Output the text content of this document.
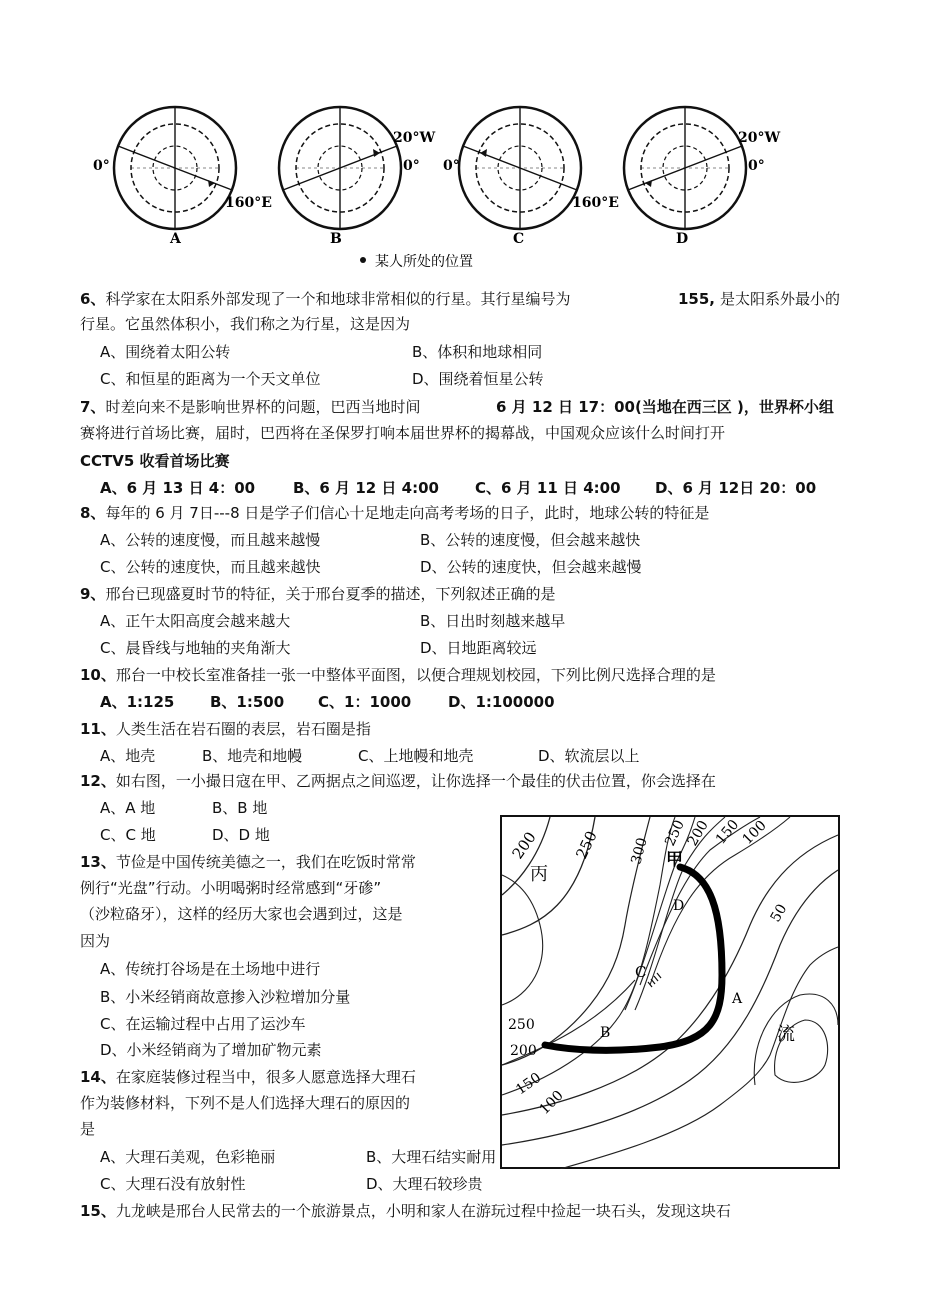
0°
160°E
A
20°W
0°
B
0°
160°E
C
20°W
0°
D
某人所处的位置
6、科学家在太阳系外部发现了一个和地球非常相似的行星。其行星编号为	155, 是太阳系外最小的
行星。它虽然体积小，我们称之为行星，这是因为
A、围绕着太阳公转	B、体积和地球相同
C、和恒星的距离为一个天文单位	D、围绕着恒星公转
7、时差向来不是影响世界杯的问题，巴西当地时间	6 月 12 日 17：00(当地在西三区 )，世界杯小组
赛将进行首场比赛，届时，巴西将在圣保罗打响本届世界杯的揭幕战，中国观众应该什么时间打开
CCTV5 收看首场比赛
A、6 月 13 日 4：00	B、6 月 12 日 4:00 C、6 月 11 日 4:00 D、6 月 12日 20：00
8、每年的 6 月 7日---8 日是学子们信心十足地走向高考考场的日子，此时，地球公转的特征是
A、公转的速度慢，而且越来越慢	B、公转的速度慢，但会越来越快
C、公转的速度快，而且越来越快	D、公转的速度快，但会越来越慢
9、邢台已现盛夏时节的特征，关于邢台夏季的描述，下列叙述正确的是
A、正午太阳高度会越来越大	B、日出时刻越来越早
C、晨昏线与地轴的夹角渐大	D、日地距离较远
10、邢台一中校长室准备挂一张一中整体平面图，以便合理规划校园，下列比例尺选择合理的是
A、1:125 B、1:500 C、1：1000 D、1:100000
11、人类生活在岩石圈的表层，岩石圈是指
A、地壳	B、地壳和地幔	C、上地幔和地壳	D、软流层以上
12、如右图，一小撮日寇在甲、乙两据点之间巡逻，让你选择一个最佳的伏击位置，你会选择在
A、A 地	B、B 地
C、C 地	D、D 地
13、节俭是中国传统美德之一，我们在吃饭时常常
例行“光盘”行动。小明喝粥时经常感到“牙碜”
（沙粒硌牙），这样的经历大家也会遇到过，这是
因为
A、传统打谷场是在土场地中进行
B、小米经销商故意掺入沙粒增加分量
C、在运输过程中占用了运沙车
D、小米经销商为了增加矿物元素
14、在家庭装修过程当中，很多人愿意选择大理石
作为装修材料，下列不是人们选择大理石的原因的
是
A、大理石美观，色彩艳丽	B、大理石结实耐用
C、大理石没有放射性	D、大理石较珍贵
15、九龙峡是邢台人民常去的一个旅游景点，小明和家人在游玩过程中捡起一块石头，发现这块石
200 250 300
250
200 150
100
50
250
200
150
100
丙
甲
流
D
C
B
A
